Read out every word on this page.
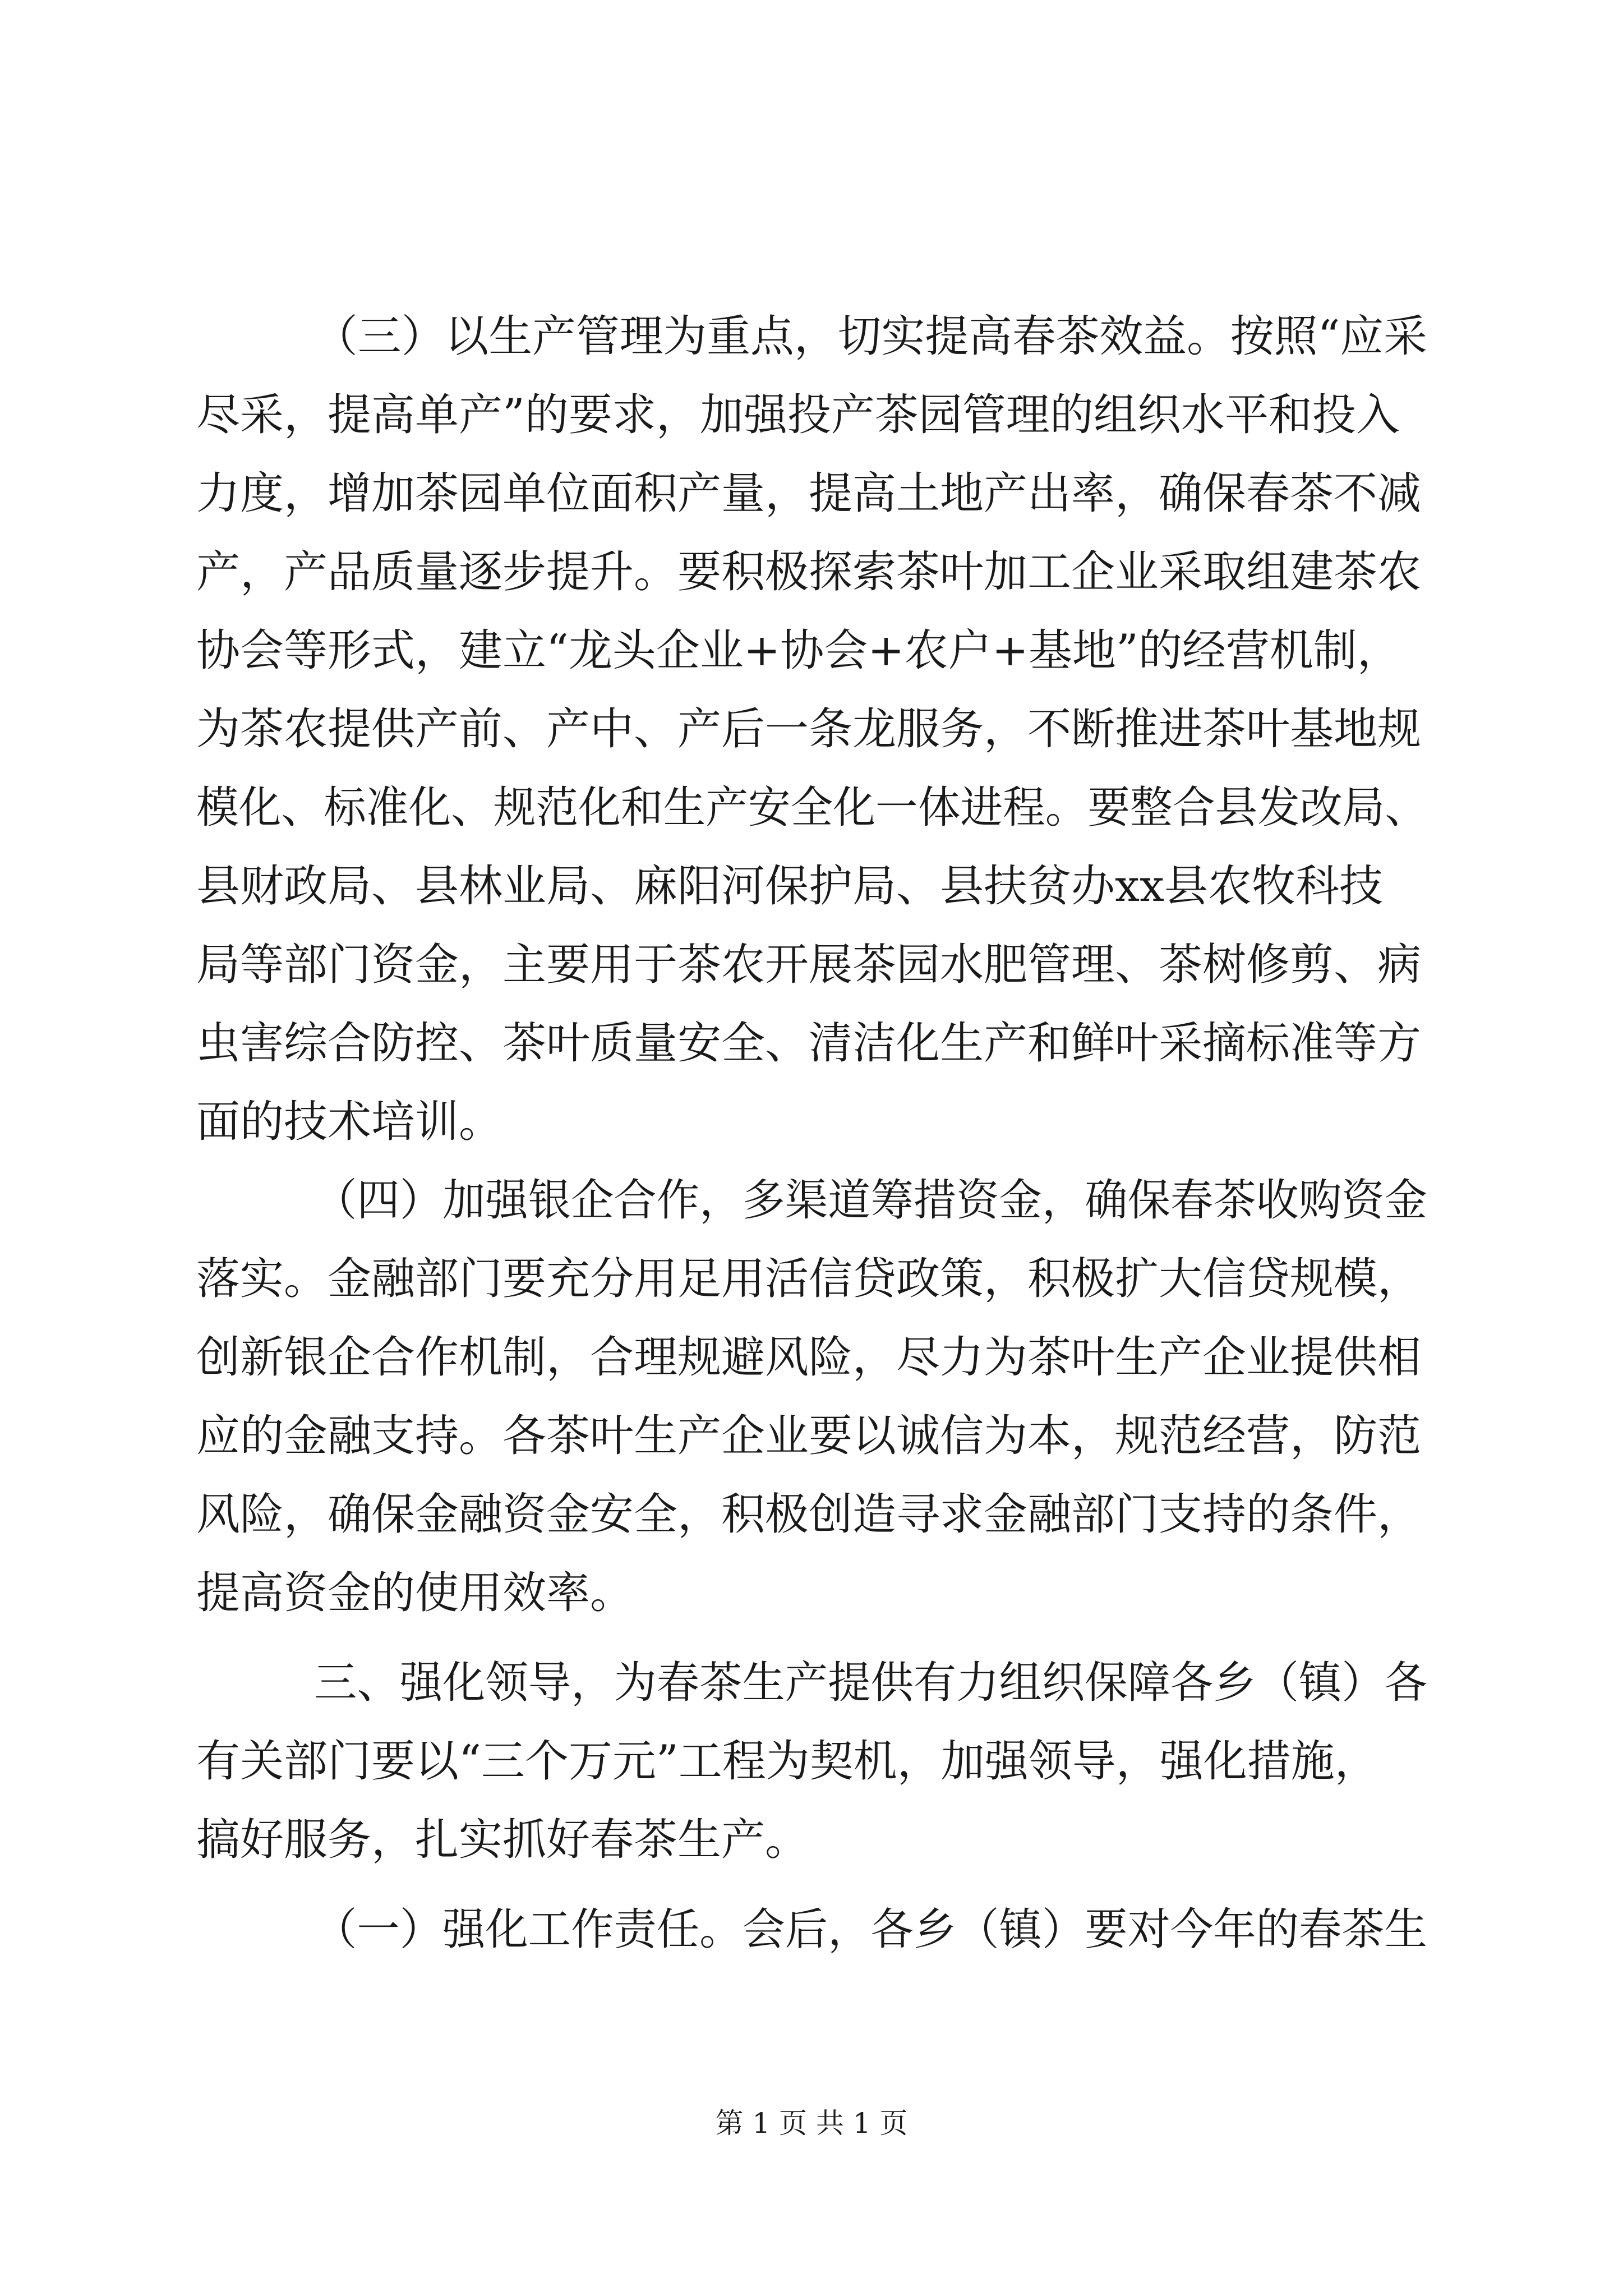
（三）以生产管理为重点，切实提高春茶效益。按照“应采
尽采，提高单产”的要求，加强投产茶园管理的组织水平和投入
力度，增加茶园单位面积产量，提高土地产出率，确保春茶不减
产，产品质量逐步提升。要积极探索茶叶加工企业采取组建茶农
协会等形式，建立“龙头企业+协会+农户+基地”的经营机制，
为茶农提供产前、产中、产后一条龙服务，不断推进茶叶基地规
模化、标准化、规范化和生产安全化一体进程。要整合县发改局、
县财政局、县林业局、麻阳河保护局、县扶贫办xx县农牧科技
局等部门资金，主要用于茶农开展茶园水肥管理、茶树修剪、病
虫害综合防控、茶叶质量安全、清洁化生产和鲜叶采摘标准等方
面的技术培训。
（四）加强银企合作，多渠道筹措资金，确保春茶收购资金
落实。金融部门要充分用足用活信贷政策，积极扩大信贷规模，
创新银企合作机制，合理规避风险，尽力为茶叶生产企业提供相
应的金融支持。各茶叶生产企业要以诚信为本，规范经营，防范
风险，确保金融资金安全，积极创造寻求金融部门支持的条件，
提高资金的使用效率。
三、强化领导，为春茶生产提供有力组织保障各乡（镇）各
有关部门要以“三个万元”工程为契机，加强领导，强化措施，
搞好服务，扎实抓好春茶生产。
（一）强化工作责任。会后，各乡（镇）要对今年的春茶生
第 1 页 共 1 页
